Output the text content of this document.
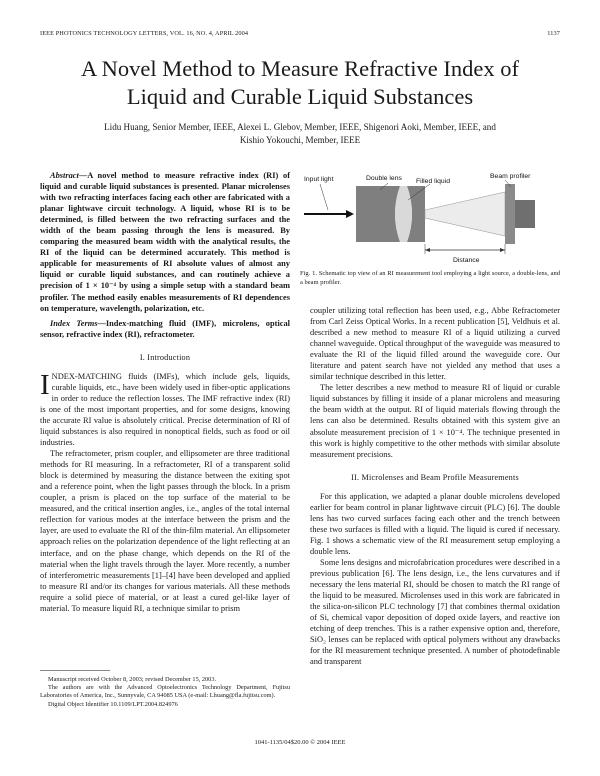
IEEE PHOTONICS TECHNOLOGY LETTERS, VOL. 16, NO. 4, APRIL 2004	1137
A Novel Method to Measure Refractive Index of
Liquid and Curable Liquid Substances
Lidu Huang, Senior Member, IEEE, Alexei L. Glebov, Member, IEEE, Shigenori Aoki, Member, IEEE, and
Kishio Yokouchi, Member, IEEE

Abstract—A novel method to measure refractive index (RI) of liquid and curable liquid substances is presented. Planar microlenses with two refracting interfaces facing each other are fabricated with a planar lightwave circuit technology. A liquid, whose RI is to be determined, is filled between the two refracting surfaces and the width of the beam passing through the lens is measured. By comparing the measured beam width with the analytical results, the RI of the liquid can be determined accurately. This method is applicable for measurements of RI absolute values of almost any liquid or curable liquid substances, and can routinely achieve a precision of 1 × 10⁻⁴ by using a simple setup with a standard beam profiler. The method easily enables measurements of RI dependences on temperature, wavelength, polarization, etc.

Index Terms—Index-matching fluid (IMF), microlens, optical sensor, refractive index (RI), refractometer.

I. Introduction

INDEX-MATCHING fluids (IMFs), which include gels, liquids, curable liquids, etc., have been widely used in fiber-optic applications in order to reduce the reflection losses. The IMF refractive index (RI) is one of the most important properties, and for some designs, knowing the accurate RI value is absolutely critical. Precise determination of RI of liquid substances is also required in nonoptical fields, such as food or oil industries.

The refractometer, prism coupler, and ellipsometer are three traditional methods for RI measuring. In a refractometer, RI of a transparent solid block is determined by measuring the distance between the exiting spot and a reference point, when the light passes through the block. In a prism coupler, a prism is placed on the top surface of the material to be measured, and the critical insertion angles, i.e., angles of the total internal reflection for various modes at the interface between the prism and the layer, are used to evaluate the RI of the thin-film material. An ellipsometer approach relies on the polarization dependence of the light reflecting at an interface, and on the phase change, which depends on the RI of the material when the light travels through the layer. More recently, a number of interferometric measurements [1]–[4] have been developed and applied to measure RI and/or its changes for various materials. All these methods require a solid piece of material, or at least a cured gel-like layer of material. To measure liquid RI, a technique similar to prism

Manuscript received October 8, 2003; revised December 15, 2003.
The authors are with the Advanced Optoelectronics Technology Department, Fujitsu Laboratories of America, Inc., Sunnyvale, CA 94085 USA (e-mail: Lhuang@fla.fujitsu.com).
Digital Object Identifier 10.1109/LPT.2004.824976
Input light	Double lens Filled liquid
Beam profiler
Distance
Fig. 1. Schematic top view of an RI measurement tool employing a light source, a double-lens, and a beam profiler.

coupler utilizing total reflection has been used, e.g., Abbe Refractometer from Carl Zeiss Optical Works. In a recent publication [5], Veldhuis et al. described a new method to measure RI of a liquid utilizing a curved channel waveguide. Optical throughput of the waveguide was measured to evaluate the RI of the liquid filled around the waveguide core. Our literature and patent search have not yielded any method that uses a similar technique described in this letter.

The letter describes a new method to measure RI of liquid or curable liquid substances by filling it inside of a planar microlens and measuring the beam width at the output. RI of liquid materials flowing through the lens can also be determined. Results obtained with this system give an absolute measurement precision of 1 × 10⁻⁴. The technique presented in this work is highly competitive to the other methods with similar absolute measurement precisions.

II. Microlenses and Beam Profile Measurements

For this application, we adapted a planar double microlens developed earlier for beam control in planar lightwave circuit (PLC) [6]. The double lens has two curved surfaces facing each other and the trench between these two surfaces is filled with a liquid. The liquid is cured if necessary. Fig. 1 shows a schematic view of the RI measurement setup employing a double lens.

Some lens designs and microfabrication procedures were described in a previous publication [6]. The lens design, i.e., the lens curvatures and if necessary the lens material RI, should be chosen to match the RI range of the liquid to be measured. Microlenses used in this work are fabricated in the silica-on-silicon PLC technology [7] that combines thermal oxidation of Si, chemical vapor deposition of doped oxide layers, and reactive ion etching of deep trenches. This is a rather expensive option and, therefore, SiO₂ lenses can be replaced with optical polymers without any drawbacks for the RI measurement technique presented. A number of photodefinable and transparent

1041-1135/04$20.00 © 2004 IEEE
